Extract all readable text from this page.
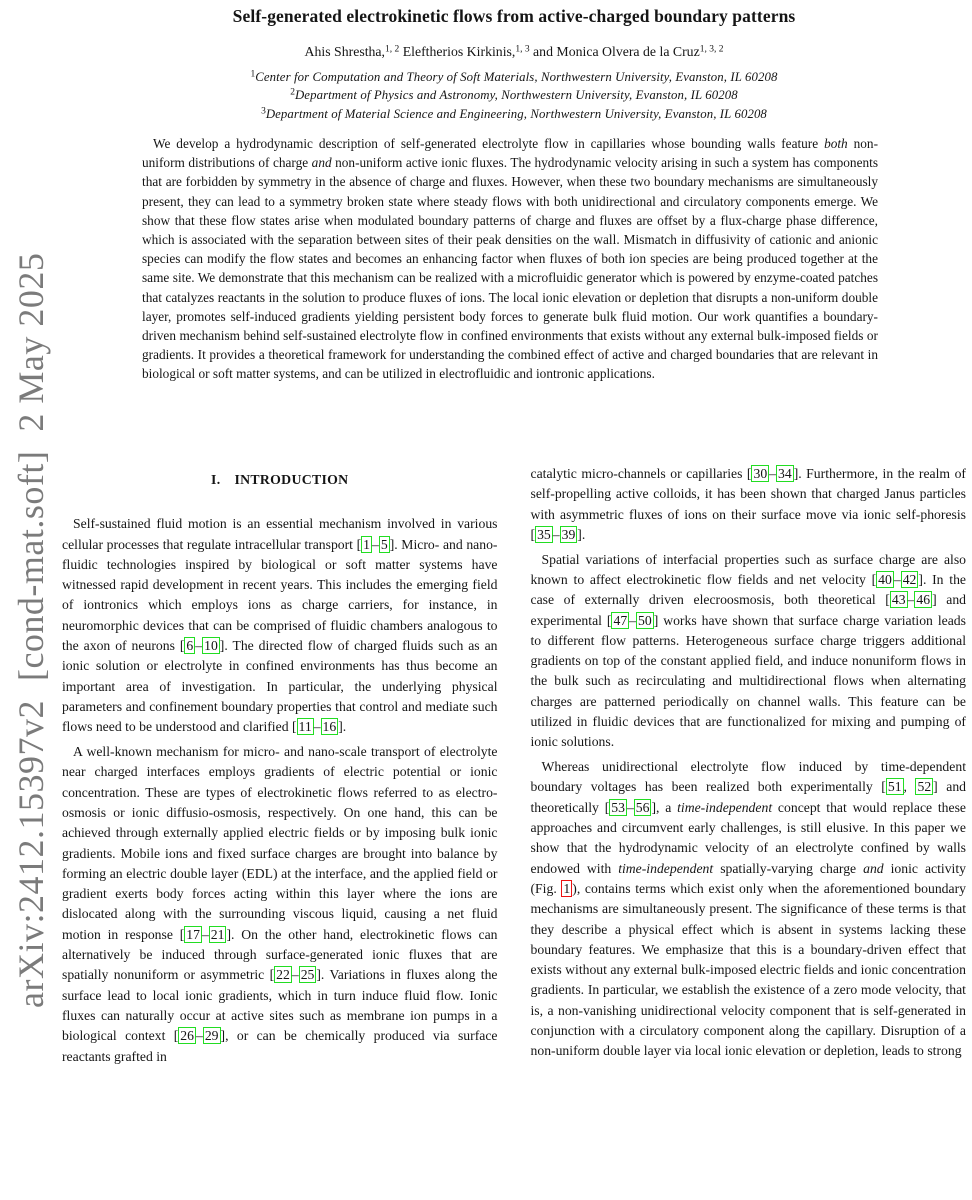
arXiv:2412.15397v2  [cond-mat.soft]  2 May 2025
Self-generated electrokinetic flows from active-charged boundary patterns
Ahis Shrestha,$^{1, 2}$ Eleftherios Kirkinis,$^{1, 3}$ and Monica Olvera de la Cruz$^{1, 3, 2}$
$^1$Center for Computation and Theory of Soft Materials, Northwestern University, Evanston, IL 60208
$^2$Department of Physics and Astronomy, Northwestern University, Evanston, IL 60208
$^3$Department of Material Science and Engineering, Northwestern University, Evanston, IL 60208
We develop a hydrodynamic description of self-generated electrolyte flow in capillaries whose bounding walls feature both non-uniform distributions of charge and non-uniform active ionic fluxes. The hydrodynamic velocity arising in such a system has components that are forbidden by symmetry in the absence of charge and fluxes. However, when these two boundary mechanisms are simultaneously present, they can lead to a symmetry broken state where steady flows with both unidirectional and circulatory components emerge. We show that these flow states arise when modulated boundary patterns of charge and fluxes are offset by a flux-charge phase difference, which is associated with the separation between sites of their peak densities on the wall. Mismatch in diffusivity of cationic and anionic species can modify the flow states and becomes an enhancing factor when fluxes of both ion species are being produced together at the same site. We demonstrate that this mechanism can be realized with a microfluidic generator which is powered by enzyme-coated patches that catalyzes reactants in the solution to produce fluxes of ions. The local ionic elevation or depletion that disrupts a non-uniform double layer, promotes self-induced gradients yielding persistent body forces to generate bulk fluid motion. Our work quantifies a boundary-driven mechanism behind self-sustained electrolyte flow in confined environments that exists without any external bulk-imposed fields or gradients. It provides a theoretical framework for understanding the combined effect of active and charged boundaries that are relevant in biological or soft matter systems, and can be utilized in electrofluidic and iontronic applications.
I. INTRODUCTION

Self-sustained fluid motion is an essential mechanism involved in various cellular processes that regulate intracellular transport [ 1 – 5 ]. Micro- and nano-fluidic technologies inspired by biological or soft matter systems have witnessed rapid development in recent years. This includes the emerging field of iontronics which employs ions as charge carriers, for instance, in neuromorphic devices that can be comprised of fluidic chambers analogous to the axon of neurons [ 6 – 10 ]. The directed flow of charged fluids such as an ionic solution or electrolyte in confined environments has thus become an important area of investigation. In particular, the underlying physical parameters and confinement boundary properties that control and mediate such flows need to be understood and clarified [ 11 – 16 ].

A well-known mechanism for micro- and nano-scale transport of electrolyte near charged interfaces employs gradients of electric potential or ionic concentration. These are types of electrokinetic flows referred to as electro-osmosis or ionic diffusio-osmosis, respectively. On one hand, this can be achieved through externally applied electric fields or by imposing bulk ionic gradients. Mobile ions and fixed surface charges are brought into balance by forming an electric double layer (EDL) at the interface, and the applied field or gradient exerts body forces acting within this layer where the ions are dislocated along with the surrounding viscous liquid, causing a net fluid motion in response [ 17 – 21 ]. On the other hand, electrokinetic flows can alternatively be induced through surface-generated ionic fluxes that are spatially nonuniform or asymmetric [ 22 – 25 ]. Variations in fluxes along the surface lead to local ionic gradients, which in turn induce fluid flow. Ionic fluxes can naturally occur at active sites such as membrane ion pumps in a biological context [ 26 – 29 ], or can be chemically produced via surface reactants grafted in

catalytic micro-channels or capillaries [ 30 – 34 ]. Furthermore, in the realm of self-propelling active colloids, it has been shown that charged Janus particles with asymmetric fluxes of ions on their surface move via ionic self-phoresis [ 35 – 39 ].

Spatial variations of interfacial properties such as surface charge are also known to affect electrokinetic flow fields and net velocity [ 40 – 42 ]. In the case of externally driven elecroosmosis, both theoretical [ 43 – 46 ] and experimental [ 47 – 50 ] works have shown that surface charge variation leads to different flow patterns. Heterogeneous surface charge triggers additional gradients on top of the constant applied field, and induce nonuniform flows in the bulk such as recirculating and multidirectional flows when alternating charges are patterned periodically on channel walls. This feature can be utilized in fluidic devices that are functionalized for mixing and pumping of ionic solutions.

Whereas unidirectional electrolyte flow induced by time-dependent boundary voltages has been realized both experimentally [ 51 , 52 ] and theoretically [ 53 – 56 ], a time-independent concept that would replace these approaches and circumvent early challenges, is still elusive. In this paper we show that the hydrodynamic velocity of an electrolyte confined by walls endowed with time-independent spatially-varying charge and ionic activity (Fig. 1 ), contains terms which exist only when the aforementioned boundary mechanisms are simultaneously present. The significance of these terms is that they describe a physical effect which is absent in systems lacking these boundary features. We emphasize that this is a boundary-driven effect that exists without any external bulk-imposed electric fields and ionic concentration gradients. In particular, we establish the existence of a zero mode velocity, that is, a non-vanishing unidirectional velocity component that is self-generated in conjunction with a circulatory component along the capillary. Disruption of a non-uniform double layer via local ionic elevation or depletion, leads to strong
